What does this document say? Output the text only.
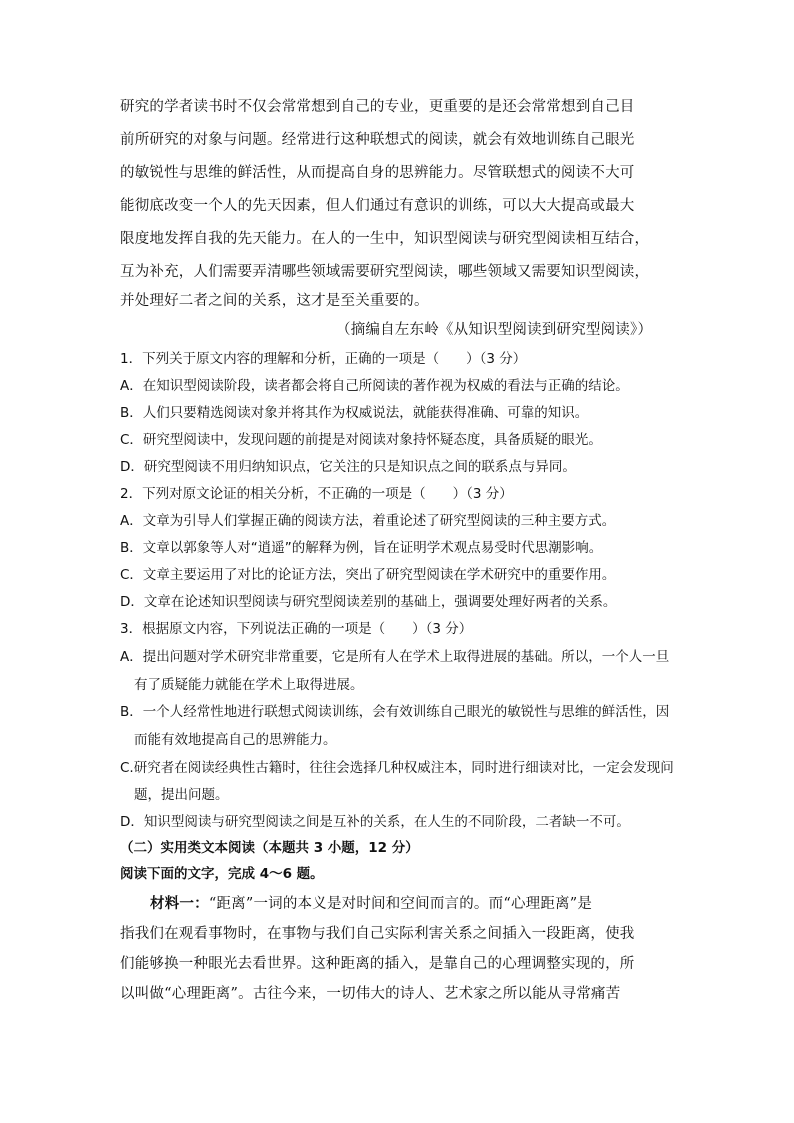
研究的学者读书时不仅会常常想到自己的专业，更重要的是还会常常想到自己目
前所研究的对象与问题。经常进行这种联想式的阅读，就会有效地训练自己眼光
的敏锐性与思维的鲜活性，从而提高自身的思辨能力。尽管联想式的阅读不大可
能彻底改变一个人的先天因素，但人们通过有意识的训练，可以大大提高或最大
限度地发挥自我的先天能力。在人的一生中，知识型阅读与研究型阅读相互结合，
互为补充，人们需要弄清哪些领域需要研究型阅读，哪些领域又需要知识型阅读，
并处理好二者之间的关系，这才是至关重要的。
（摘编自左东岭《从知识型阅读到研究型阅读》）
1．下列关于原文内容的理解和分析，正确的一项是（　　）（3 分）
A．在知识型阅读阶段，读者都会将自己所阅读的著作视为权威的看法与正确的结论。
B．人们只要精选阅读对象并将其作为权威说法，就能获得准确、可靠的知识。
C．研究型阅读中，发现问题的前提是对阅读对象持怀疑态度，具备质疑的眼光。
D．研究型阅读不用归纳知识点，它关注的只是知识点之间的联系点与异同。
2．下列对原文论证的相关分析，不正确的一项是（　　）（3 分）
A．文章为引导人们掌握正确的阅读方法，着重论述了研究型阅读的三种主要方式。
B．文章以郭象等人对“逍遥”的解释为例，旨在证明学术观点易受时代思潮影响。
C．文章主要运用了对比的论证方法，突出了研究型阅读在学术研究中的重要作用。
D．文章在论述知识型阅读与研究型阅读差别的基础上，强调要处理好两者的关系。
3．根据原文内容，下列说法正确的一项是（　　）（3 分）
A．提出问题对学术研究非常重要，它是所有人在学术上取得进展的基础。所以，一个人一旦
有了质疑能力就能在学术上取得进展。
B．一个人经常性地进行联想式阅读训练，会有效训练自己眼光的敏锐性与思维的鲜活性，因
而能有效地提高自己的思辨能力。
C.研究者在阅读经典性古籍时，往往会选择几种权威注本，同时进行细读对比，一定会发现问
题，提出问题。
D．知识型阅读与研究型阅读之间是互补的关系，在人生的不同阶段，二者缺一不可。
（二）实用类文本阅读（本题共 3 小题，12 分）
阅读下面的文字，完成 4～6 题。
材料一：“距离”一词的本义是对时间和空间而言的。而“心理距离”是
指我们在观看事物时，在事物与我们自己实际利害关系之间插入一段距离，使我
们能够换一种眼光去看世界。这种距离的插入，是靠自己的心理调整实现的，所
以叫做“心理距离”。古往今来，一切伟大的诗人、艺术家之所以能从寻常痛苦
